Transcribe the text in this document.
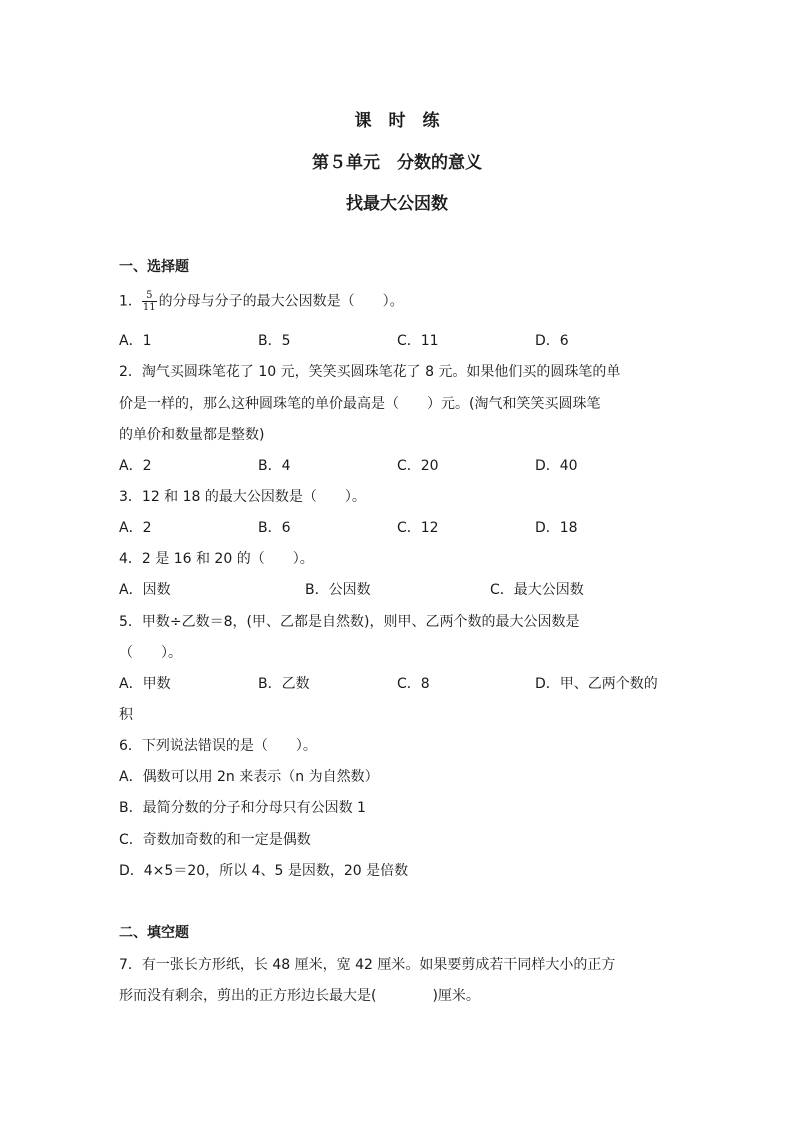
课　时　练
第５单元　分数的意义
找最大公因数
一、选择题
1． $\frac{5}{11}$ 的分母与分子的最大公因数是（　　）。
A．1	B．5	C．11	D．6
2．淘气买圆珠笔花了 10 元，笑笑买圆珠笔花了 8 元。如果他们买的圆珠笔的单
价是一样的，那么这种圆珠笔的单价最高是（　　）元。(淘气和笑笑买圆珠笔
的单价和数量都是整数)
A．2	B．4	C．20	D．40
3．12 和 18 的最大公因数是（　　）。
A．2	B．6	C．12	D．18
4．2 是 16 和 20 的（　　）。
A．因数	B．公因数	C．最大公因数
5．甲数÷乙数＝8，(甲、乙都是自然数)，则甲、乙两个数的最大公因数是
（　　）。
A．甲数	B．乙数	C．8	D．甲、乙两个数的
积
6．下列说法错误的是（　　）。
A．偶数可以用 2n 来表示（n 为自然数）
B．最简分数的分子和分母只有公因数 1
C．奇数加奇数的和一定是偶数
D．4×5＝20，所以 4、5 是因数，20 是倍数
二、填空题
7．有一张长方形纸，长 48 厘米，宽 42 厘米。如果要剪成若干同样大小的正方
形而没有剩余，剪出的正方形边长最大是(　　　　)厘米。
